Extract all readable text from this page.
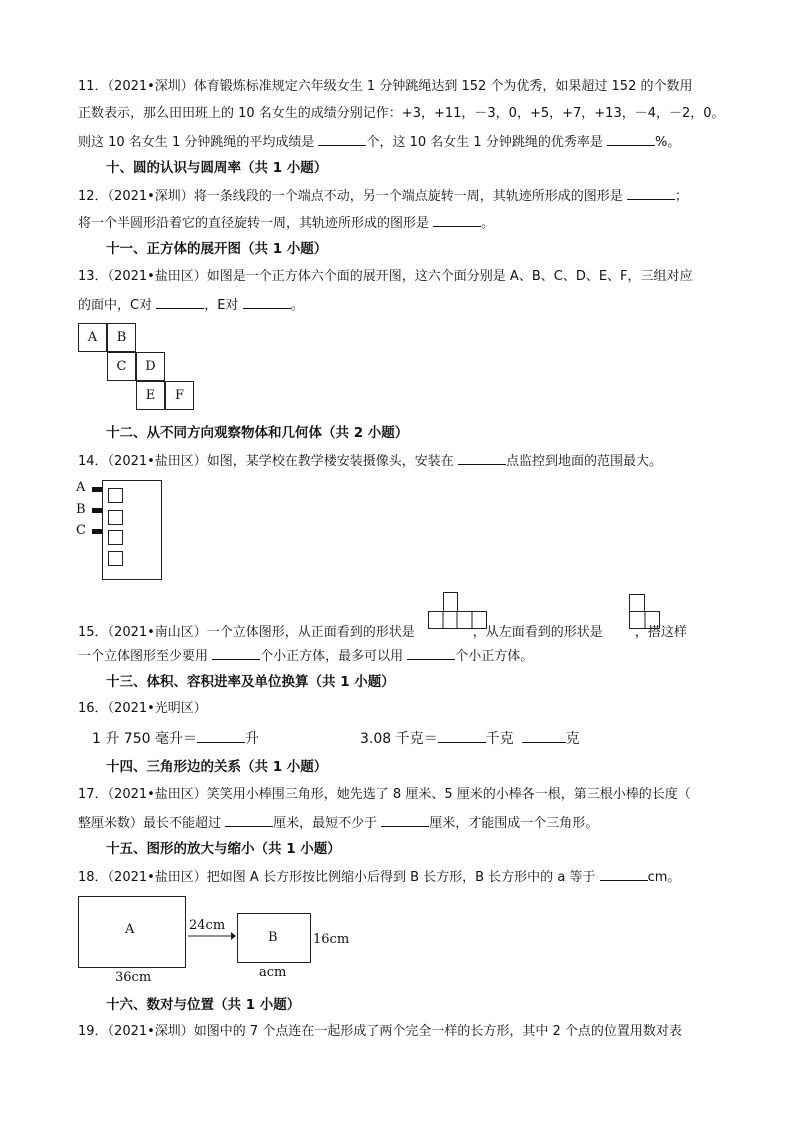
11．（2021•深圳）体育锻炼标准规定六年级女生 1 分钟跳绳达到 152 个为优秀，如果超过 152 的个数用
正数表示，那么田田班上的 10 名女生的成绩分别记作：+3，+11，－3，0，+5，+7，+13，－4，－2，0。
则这 10 名女生 1 分钟跳绳的平均成绩是	个，这 10 名女生 1 分钟跳绳的优秀率是	%。
十、圆的认识与圆周率（共 1 小题）
12．（2021•深圳）将一条线段的一个端点不动，另一个端点旋转一周，其轨迹所形成的图形是	；
将一个半圆形沿着它的直径旋转一周，其轨迹所形成的图形是	。
十一、正方体的展开图（共 1 小题）
13．（2021•盐田区）如图是一个正方体六个面的展开图，这六个面分别是 A、B、C、D、E、F，三组对应
的面中，C对	，E对	。
A	B
C	D
E	F
十二、从不同方向观察物体和几何体（共 2 小题）
14．（2021•盐田区）如图，某学校在教学楼安装摄像头，安装在	点监控到地面的范围最大。
A
B
C
15．（2021•南山区）一个立体图形，从正面看到的形状是	，从左面看到的形状是 ，搭这样
一个立体图形至少要用	个小正方体，最多可以用	个小正方体。
十三、体积、容积进率及单位换算（共 1 小题）
16．（2021•光明区）
1 升 750 毫升＝	升	3.08 千克＝	千克	克
十四、三角形边的关系（共 1 小题）
17．（2021•盐田区）笑笑用小棒围三角形，她先选了 8 厘米、5 厘米的小棒各一根，第三根小棒的长度（
整厘米数）最长不能超过	厘米，最短不少于	厘米，才能围成一个三角形。
十五、图形的放大与缩小（共 1 小题）
18．（2021•盐田区）把如图 A 长方形按比例缩小后得到 B 长方形，B 长方形中的 a 等于	cm。
A
36cm
24cm
B	16cm
acm
十六、数对与位置（共 1 小题）
19．（2021•深圳）如图中的 7 个点连在一起形成了两个完全一样的长方形，其中 2 个点的位置用数对表
